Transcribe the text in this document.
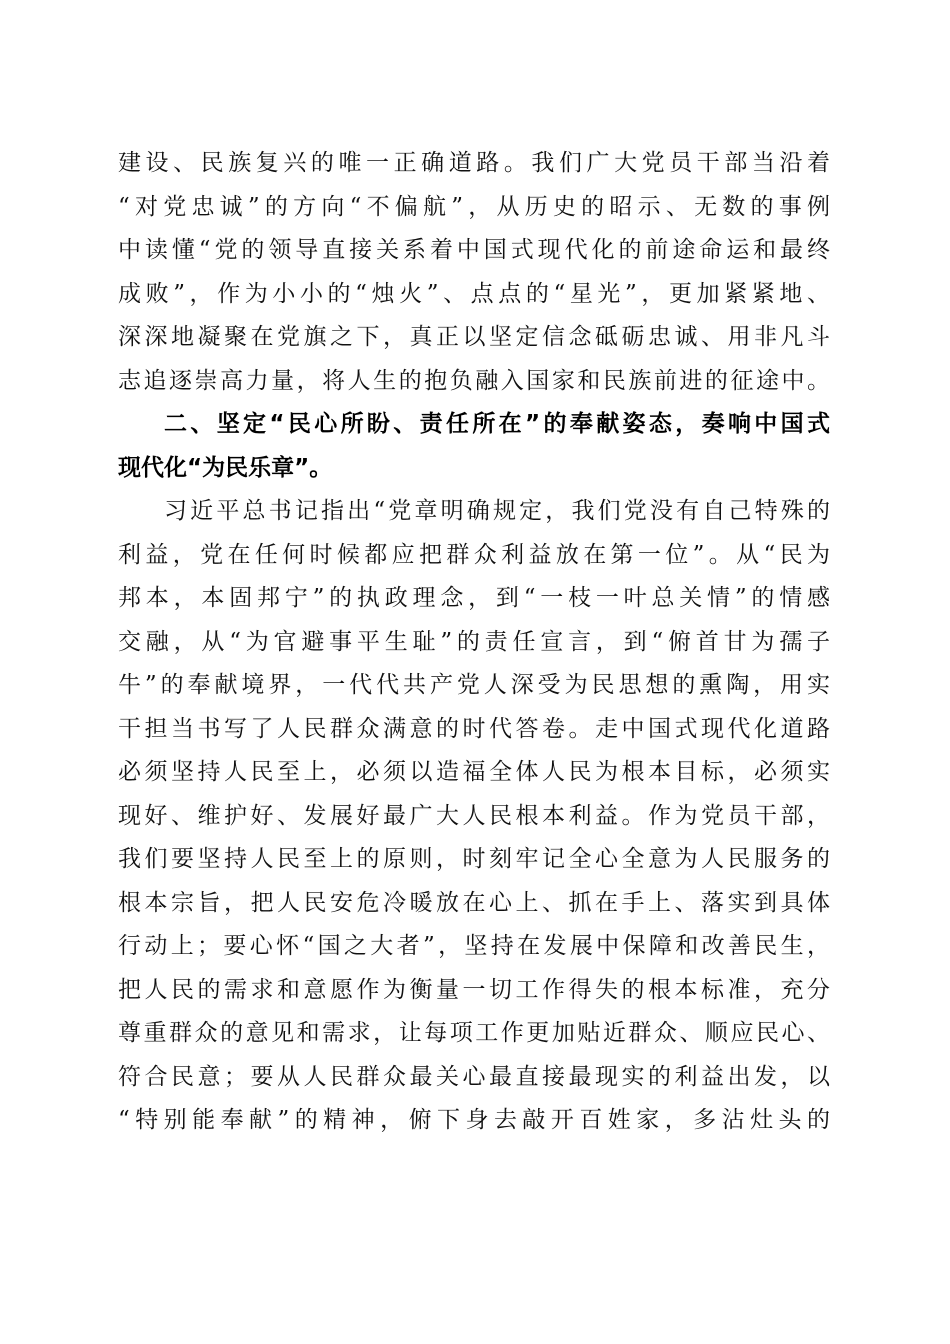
建设、民族复兴的唯一正确道路。我们广大党员干部当沿着
“对党忠诚”的方向“不偏航”，从历史的昭示、无数的事例
中读懂“党的领导直接关系着中国式现代化的前途命运和最终
成败”，作为小小的“烛火”、点点的“星光”，更加紧紧地、
深深地凝聚在党旗之下，真正以坚定信念砥砺忠诚、用非凡斗
志追逐崇高力量，将人生的抱负融入国家和民族前进的征途中。
二、坚定“民心所盼、责任所在”的奉献姿态，奏响中国式
现代化“为民乐章”。
习近平总书记指出“党章明确规定，我们党没有自己特殊的
利益，党在任何时候都应把群众利益放在第一位”。从“民为
邦本，本固邦宁”的执政理念，到“一枝一叶总关情”的情感
交融，从“为官避事平生耻”的责任宣言，到“俯首甘为孺子
牛”的奉献境界，一代代共产党人深受为民思想的熏陶，用实
干担当书写了人民群众满意的时代答卷。走中国式现代化道路
必须坚持人民至上，必须以造福全体人民为根本目标，必须实
现好、维护好、发展好最广大人民根本利益。作为党员干部，
我们要坚持人民至上的原则，时刻牢记全心全意为人民服务的
根本宗旨，把人民安危冷暖放在心上、抓在手上、落实到具体
行动上；要心怀“国之大者”，坚持在发展中保障和改善民生，
把人民的需求和意愿作为衡量一切工作得失的根本标准，充分
尊重群众的意见和需求，让每项工作更加贴近群众、顺应民心、
符合民意；要从人民群众最关心最直接最现实的利益出发，以
“特别能奉献”的精神，俯下身去敲开百姓家，多沾灶头的
